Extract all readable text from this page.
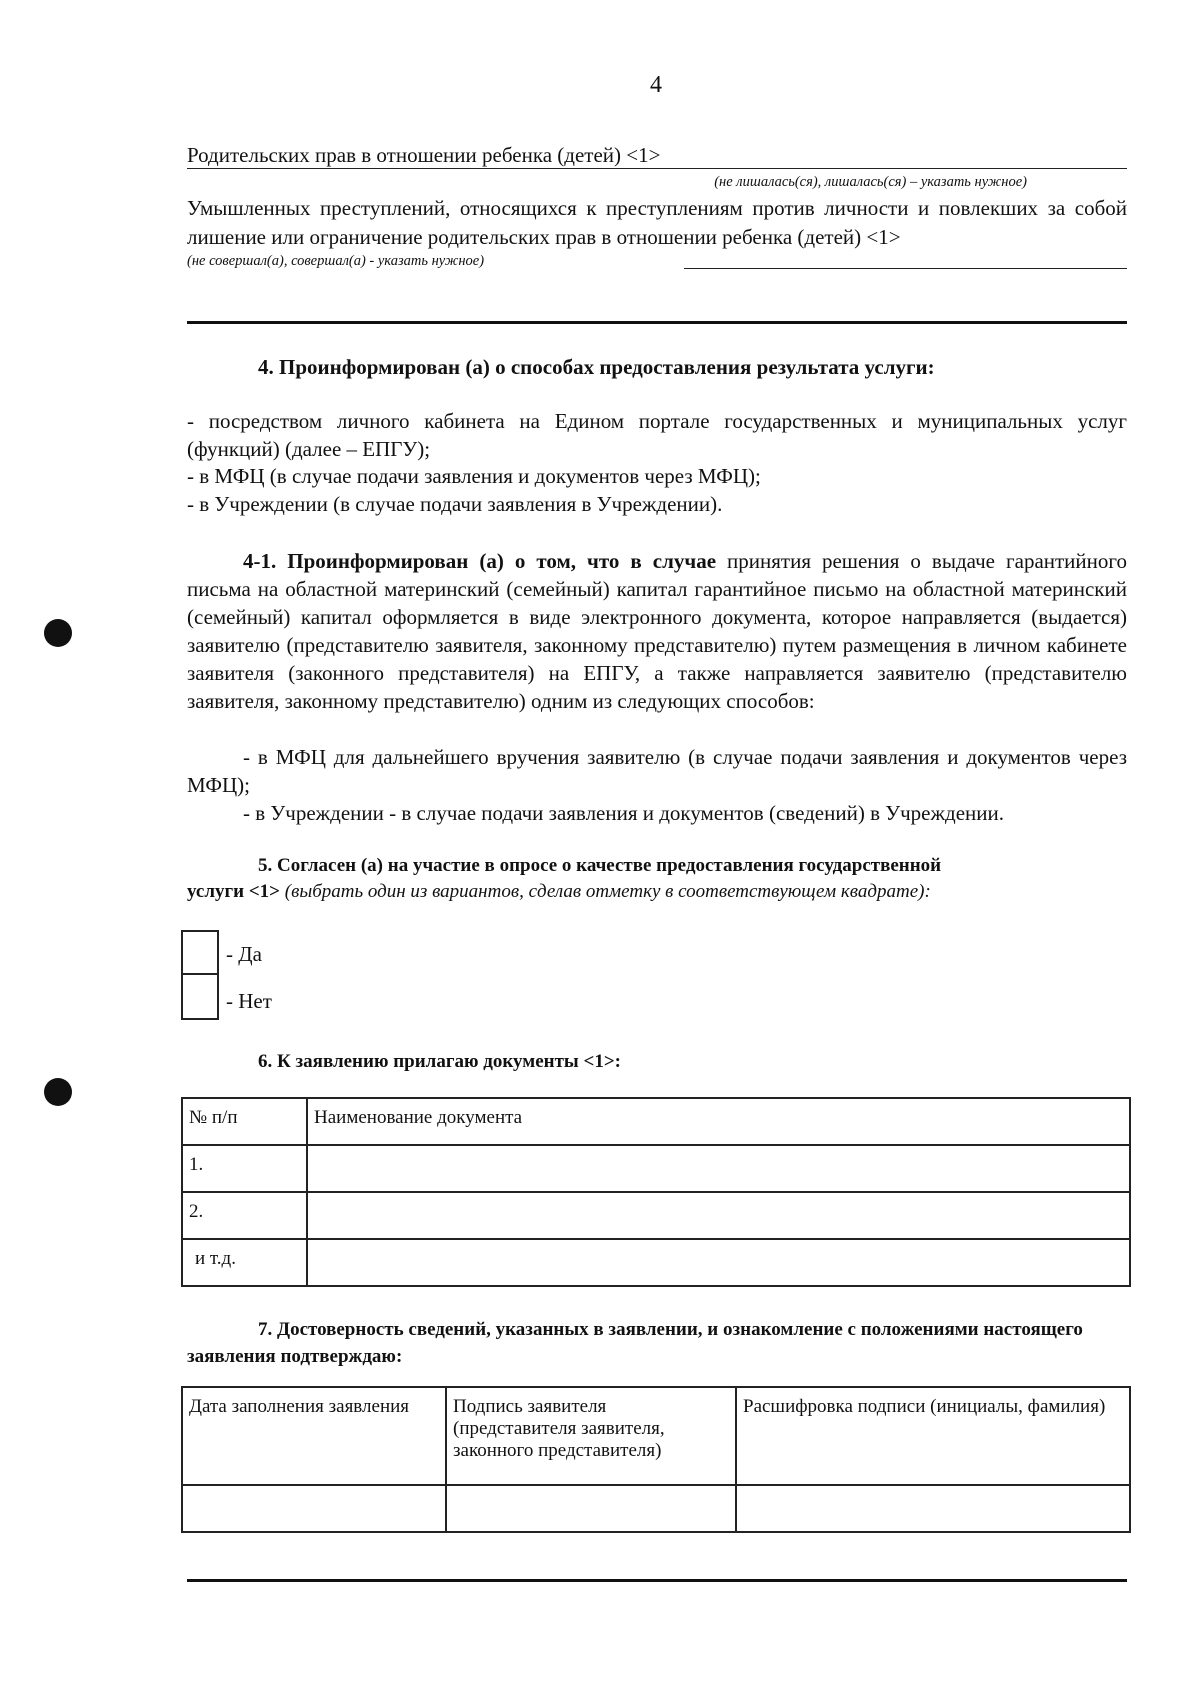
4
Родительских прав в отношении ребенка (детей) <1>
(не лишалась(ся), лишалась(ся) – указать нужное)
Умышленных преступлений, относящихся к преступлениям против личности и повлекших за собой лишение или ограничение родительских прав в отношении ребенка (детей) <1>
(не совершал(а), совершал(а) - указать нужное)
4. Проинформирован (а) о способах предоставления результата услуги:
- посредством личного кабинета на Едином портале государственных и муниципальных услуг (функций) (далее – ЕПГУ);
- в МФЦ (в случае подачи заявления и документов через МФЦ);
- в Учреждении (в случае подачи заявления в Учреждении).
4-1. Проинформирован (а) о том, что в случае принятия решения о выдаче гарантийного письма на областной материнский (семейный) капитал гарантийное письмо на областной материнский (семейный) капитал оформляется в виде электронного документа, которое направляется (выдается) заявителю (представителю заявителя, законному представителю) путем размещения в личном кабинете заявителя (законного представителя) на ЕПГУ, а также направляется заявителю (представителю заявителя, законному представителю) одним из следующих способов:
- в МФЦ для дальнейшего вручения заявителю (в случае подачи заявления и документов через МФЦ);
- в Учреждении - в случае подачи заявления и документов (сведений) в Учреждении.
5. Согласен (а) на участие в опросе о качестве предоставления государственной
услуги <1> (выбрать один из вариантов, сделав отметку в соответствующем квадрате):
- Да
- Нет
6. К заявлению прилагаю документы <1>:
№ п/п	Наименование документа
1.	
2.	
и т.д.	
7. Достоверность сведений, указанных в заявлении, и ознакомление с положениями настоящего заявления подтверждаю:
Дата заполнения заявления	Подпись заявителя (представителя заявителя, законного представителя)	Расшифровка подписи (инициалы, фамилия)
